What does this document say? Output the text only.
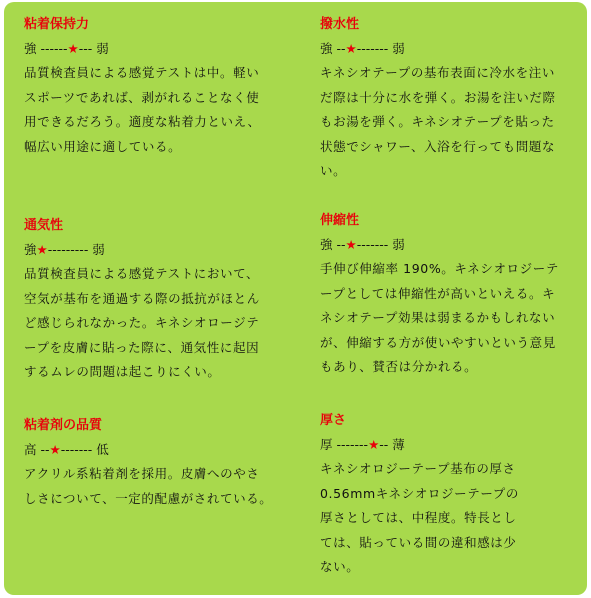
粘着保持力
強 ------★--- 弱
品質検査員による感覚テストは中。軽い
スポーツであれば、剥がれることなく使
用できるだろう。適度な粘着力といえ、
幅広い用途に適している。
撥水性
強 --★------- 弱
キネシオテープの基布表面に冷水を注い
だ際は十分に水を弾く。お湯を注いだ際
もお湯を弾く。キネシオテープを貼った
状態でシャワー、入浴を行っても問題な
い。
通気性
強★--------- 弱
品質検査員による感覚テストにおいて、
空気が基布を通過する際の抵抗がほとん
ど感じられなかった。キネシオロージテ
ープを皮膚に貼った際に、通気性に起因
するムレの問題は起こりにくい。
伸縮性
強 --★------- 弱
手伸び伸縮率 190%。キネシオロジーテ
ープとしては伸縮性が高いといえる。キ
ネシオテープ効果は弱まるかもしれない
が、伸縮する方が使いやすいという意見
もあり、賛否は分かれる。
粘着剤の品質
高 --★------- 低
アクリル系粘着剤を採用。皮膚へのやさ
しさについて、一定的配慮がされている。
厚さ
厚 -------★-- 薄
キネシオロジーテープ基布の厚さ
0.56mmキネシオロジーテープの
厚さとしては、中程度。特長とし
ては、貼っている間の違和感は少
ない。
